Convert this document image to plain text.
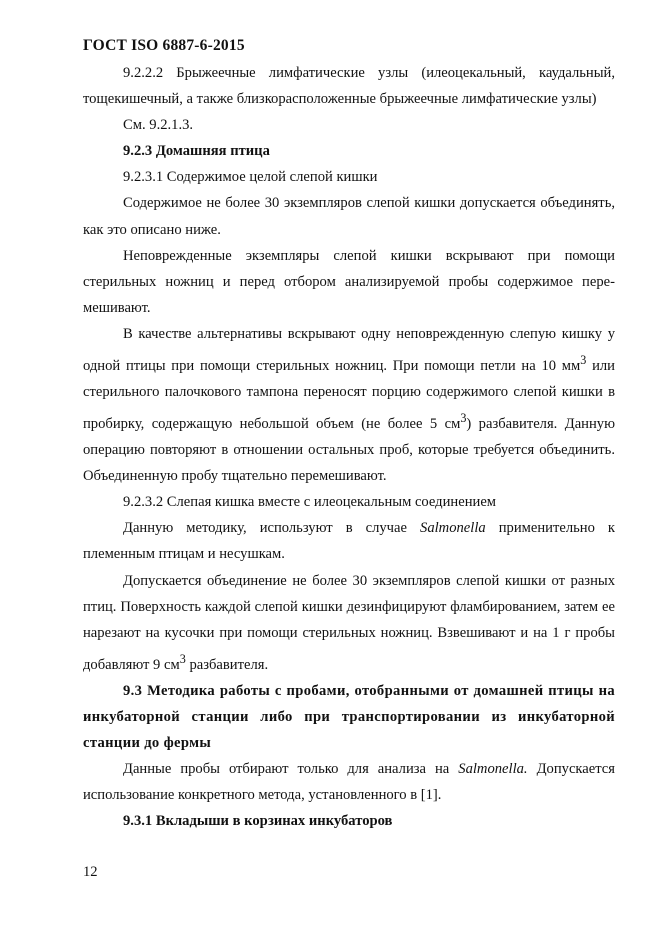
ГОСТ ISO 6887-6-2015

9.2.2.2 Брыжеечные лимфатические узлы (илеоцекальный, каудальный, тощекишечный, а также близкорасположенные брыжеечные лимфатические узлы)

См. 9.2.1.3.

9.2.3 Домашняя птица

9.2.3.1 Содержимое целой слепой кишки

Содержимое не более 30 экземпляров слепой кишки допускается объединять, как это описано ниже.

Неповрежденные экземпляры слепой кишки вскрывают при помощи стерильных ножниц и перед отбором анализируемой пробы содержимое перемешивают.

В качестве альтернативы вскрывают одну неповрежденную слепую кишку у одной птицы при помощи стерильных ножниц. При помощи петли на 10 $мм^3$ или стерильного палочкового тампона переносят порцию содержимого слепой кишки в пробирку, содержащую небольшой объем (не более 5 $см^3$) разбавителя. Данную операцию повторяют в отношении остальных проб, которые требуется объединить. Объединенную пробу тщательно перемешивают.

9.2.3.2 Слепая кишка вместе с илеоцекальным соединением

Данную методику, используют в случае Salmonella применительно к племенным птицам и несушкам.

Допускается объединение не более 30 экземпляров слепой кишки от разных птиц. Поверхность каждой слепой кишки дезинфицируют фламбированием, затем ее нарезают на кусочки при помощи стерильных ножниц. Взвешивают и на 1 г пробы добавляют 9 $см^3$ разбавителя.

9.3 Методика работы с пробами, отобранными от домашней птицы на инкубаторной станции либо при транспортировании из инкубаторной станции до фермы

Данные пробы отбирают только для анализа на Salmonella. Допускается использование конкретного метода, установленного в [1].

9.3.1 Вкладыши в корзинах инкубаторов

12
